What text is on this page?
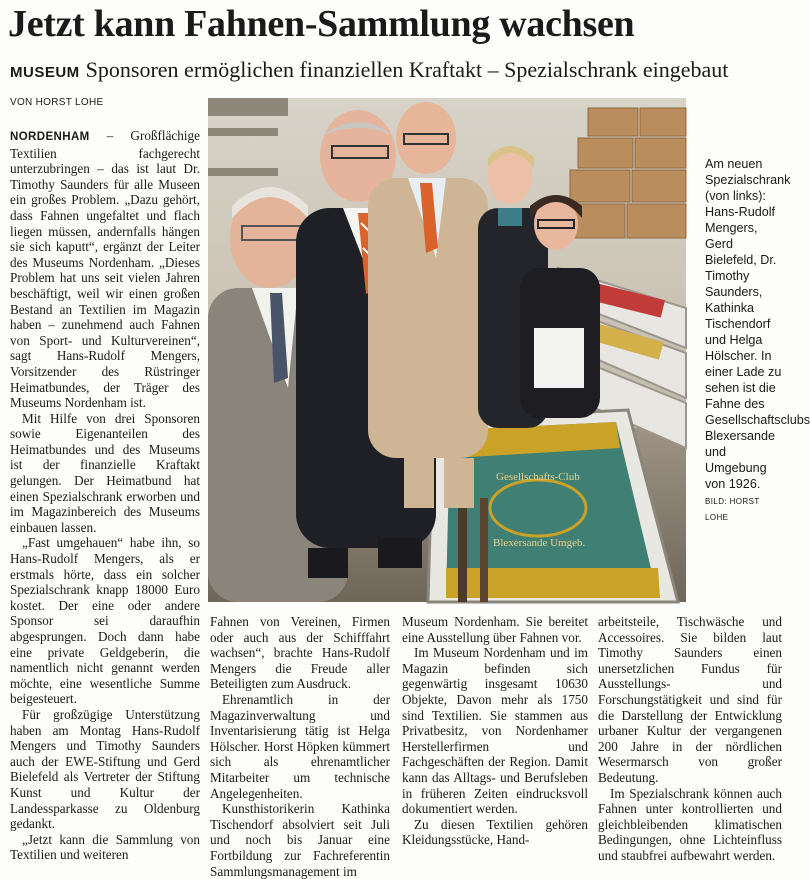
Jetzt kann Fahnen-Sammlung wachsen
MUSEUM Sponsoren ermöglichen finanziellen Kraftakt – Spezialschrank eingebaut
VON HORST LOHE

NORDENHAM – Großflächige Textilien fachgerecht unterzubringen – das ist laut Dr. Timothy Saunders für alle Museen ein großes Problem. „Dazu gehört, dass Fahnen ungefaltet und flach liegen müssen, andernfalls hängen sie sich kaputt“, ergänzt der Leiter des Museums Nordenham. „Dieses Problem hat uns seit vielen Jahren beschäftigt, weil wir einen großen Bestand an Textilien im Magazin haben – zunehmend auch Fahnen von Sport- und Kulturvereinen“, sagt Hans-Rudolf Mengers, Vorsitzender des Rüstringer Heimatbundes, der Träger des Museums Nordenham ist.

Mit Hilfe von drei Sponsoren sowie Eigenanteilen des Heimatbundes und des Museums ist der finanzielle Kraftakt gelungen. Der Heimatbund hat einen Spezialschrank erworben und im Magazinbereich des Museums einbauen lassen.

„Fast umgehauen“ habe ihn, so Hans-Rudolf Mengers, als er erstmals hörte, dass ein solcher Spezialschrank knapp 18000 Euro kostet. Der eine oder andere Sponsor sei daraufhin abgesprungen. Doch dann habe eine private Geldgeberin, die namentlich nicht genannt werden möchte, eine wesentliche Summe beigesteuert.

Für großzügige Unterstützung haben am Montag Hans-Rudolf Mengers und Timothy Saunders auch der EWE-Stiftung und Gerd Bielefeld als Vertreter der Stiftung Kunst und Kultur der Landessparkasse zu Oldenburg gedankt.

„Jetzt kann die Sammlung von Textilien und weiteren

Gesellschafts-Club
Blexersande Umgeb.
Am neuen Spezialschrank (von links): Hans-Rudolf Mengers, Gerd Bielefeld, Dr. Timothy Saunders, Kathinka Tischendorf und Helga Hölscher. In einer Lade zu sehen ist die Fahne des Gesellschaftsclubs Blexersande und Umgebung von 1926. BILD: HORST LOHE

Fahnen von Vereinen, Firmen oder auch aus der Schifffahrt wachsen“, brachte Hans-Rudolf Mengers die Freude aller Beteiligten zum Ausdruck.

Ehrenamtlich in der Magazinverwaltung und Inventarisierung tätig ist Helga Hölscher. Horst Höpken kümmert sich als ehrenamtlicher Mitarbeiter um technische Angelegenheiten.

Kunsthistorikerin Kathinka Tischendorf absolviert seit Juli und noch bis Januar eine Fortbildung zur Fachreferentin Sammlungsmanagement im

Museum Nordenham. Sie bereitet eine Ausstellung über Fahnen vor.

Im Museum Nordenham und im Magazin befinden sich gegenwärtig insgesamt 10630 Objekte, Davon mehr als 1750 sind Textilien. Sie stammen aus Privatbesitz, von Nordenhamer Herstellerfirmen und Fachgeschäften der Region. Damit kann das Alltags- und Berufsleben in früheren Zeiten eindrucksvoll dokumentiert werden.

Zu diesen Textilien gehören Kleidungsstücke, Hand-

arbeitsteile, Tischwäsche und Accessoires. Sie bilden laut Timothy Saunders einen unersetzlichen Fundus für Ausstellungs- und Forschungstätigkeit und sind für die Darstellung der Entwicklung urbaner Kultur der vergangenen 200 Jahre in der nördlichen Wesermarsch von großer Bedeutung.

Im Spezialschrank können auch Fahnen unter kontrollierten und gleichbleibenden klimatischen Bedingungen, ohne Lichteinfluss und staubfrei aufbewahrt werden.
